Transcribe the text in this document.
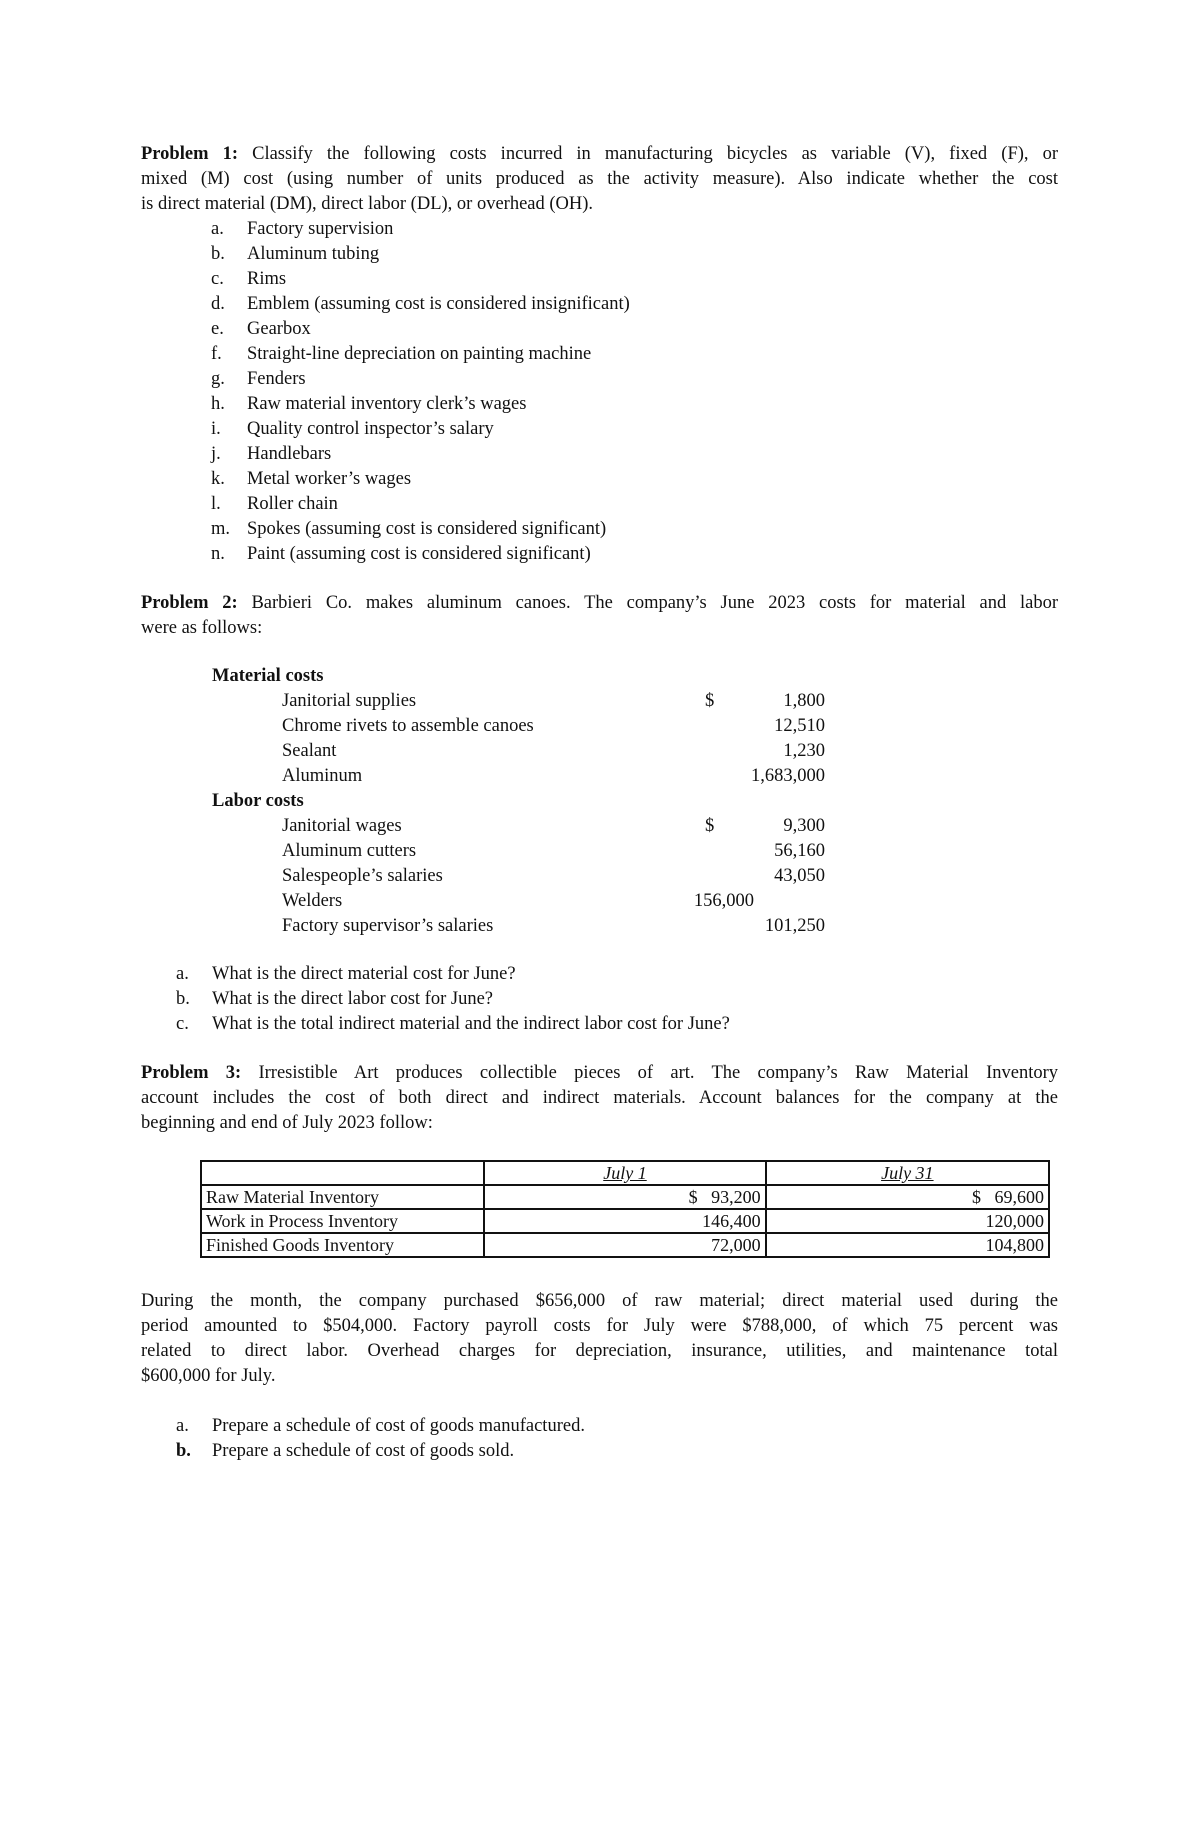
Problem 1: Classify the following costs incurred in manufacturing bicycles as variable (V), fixed (F), or
mixed (M) cost (using number of units produced as the activity measure). Also indicate whether the cost
is direct material (DM), direct labor (DL), or overhead (OH).
a. Factory supervision
b. Aluminum tubing
c. Rims
d. Emblem (assuming cost is considered insignificant)
e. Gearbox
f. Straight-line depreciation on painting machine
g. Fenders
h. Raw material inventory clerk’s wages
i. Quality control inspector’s salary
j. Handlebars
k. Metal worker’s wages
l. Roller chain
m. Spokes (assuming cost is considered significant)
n. Paint (assuming cost is considered significant)
Problem 2: Barbieri Co. makes aluminum canoes. The company’s June 2023 costs for material and labor
were as follows:
Material costs
Janitorial supplies	$	1,800
Chrome rivets to assemble canoes	12,510
Sealant	1,230
Aluminum	1,683,000
Labor costs
Janitorial wages	$	9,300
Aluminum cutters	56,160
Salespeople’s salaries	43,050
Welders	156,000
Factory supervisor’s salaries	101,250
a. What is the direct material cost for June?
b. What is the direct labor cost for June?
c. What is the total indirect material and the indirect labor cost for June?
Problem 3: Irresistible Art produces collectible pieces of art. The company’s Raw Material Inventory
account includes the cost of both direct and indirect materials. Account balances for the company at the
beginning and end of July 2023 follow:
	July 1	July 31
Raw Material Inventory	$   93,200	$   69,600
Work in Process Inventory	146,400	120,000
Finished Goods Inventory	72,000	104,800
During the month, the company purchased $656,000 of raw material; direct material used during the
period amounted to $504,000. Factory payroll costs for July were $788,000, of which 75 percent was
related to direct labor. Overhead charges for depreciation, insurance, utilities, and maintenance total
$600,000 for July.
a. Prepare a schedule of cost of goods manufactured.
b. Prepare a schedule of cost of goods sold.
